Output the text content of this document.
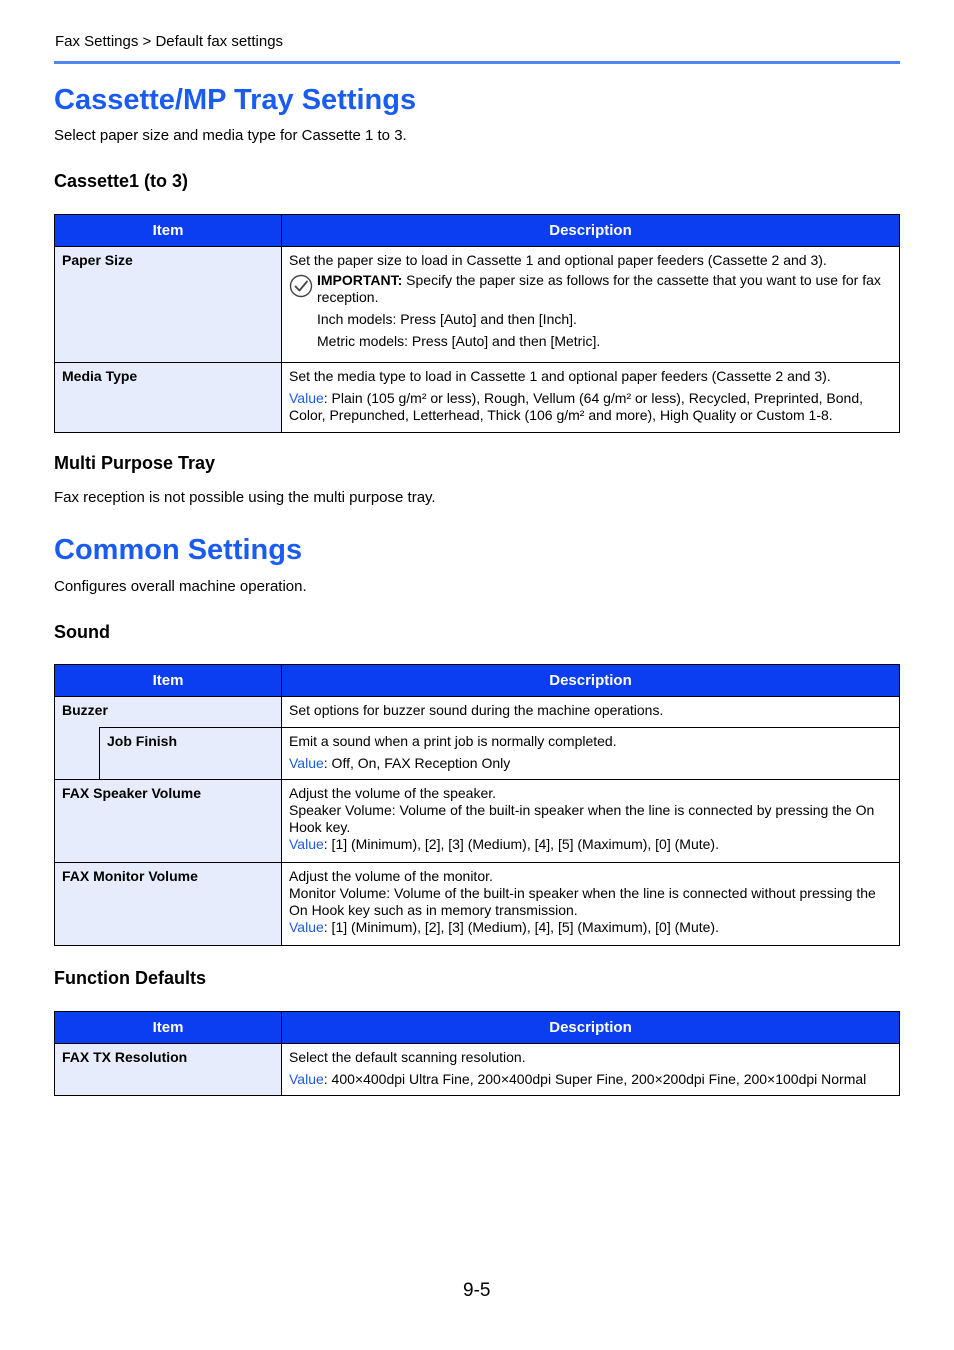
Fax Settings > Default fax settings
Cassette/MP Tray Settings

Select paper size and media type for Cassette 1 to 3.

Cassette1 (to 3)
Item	Description
Paper Size	Set the paper size to load in Cassette 1 and optional paper feeders (Cassette 2 and 3).
IMPORTANT: Specify the paper size as follows for the cassette that you want to use for fax reception.
Inch models: Press [Auto] and then [Inch].
Metric models: Press [Auto] and then [Metric].

Media Type	Set the media type to load in Cassette 1 and optional paper feeders (Cassette 2 and 3).
Value: Plain (105 g/m² or less), Rough, Vellum (64 g/m² or less), Recycled, Preprinted, Bond, Color, Prepunched, Letterhead, Thick (106 g/m² and more), High Quality or Custom 1-8.
Multi Purpose Tray

Fax reception is not possible using the multi purpose tray.

Common Settings

Configures overall machine operation.

Sound
Item		Description
Buzzer		Set options for buzzer sound during the machine operations.
	Job Finish	Emit a sound when a print job is normally completed.
Value: Off, On, FAX Reception Only

FAX Speaker Volume		Adjust the volume of the speaker.
Speaker Volume: Volume of the built-in speaker when the line is connected by pressing the On Hook key.
Value: [1] (Minimum), [2], [3] (Medium), [4], [5] (Maximum), [0] (Mute).

FAX Monitor Volume		Adjust the volume of the monitor.
Monitor Volume: Volume of the built-in speaker when the line is connected without pressing the On Hook key such as in memory transmission.
Value: [1] (Minimum), [2], [3] (Medium), [4], [5] (Maximum), [0] (Mute).
Function Defaults
Item	Description
FAX TX Resolution	Select the default scanning resolution.
Value: 400×400dpi Ultra Fine, 200×400dpi Super Fine, 200×200dpi Fine, 200×100dpi Normal
9-5
